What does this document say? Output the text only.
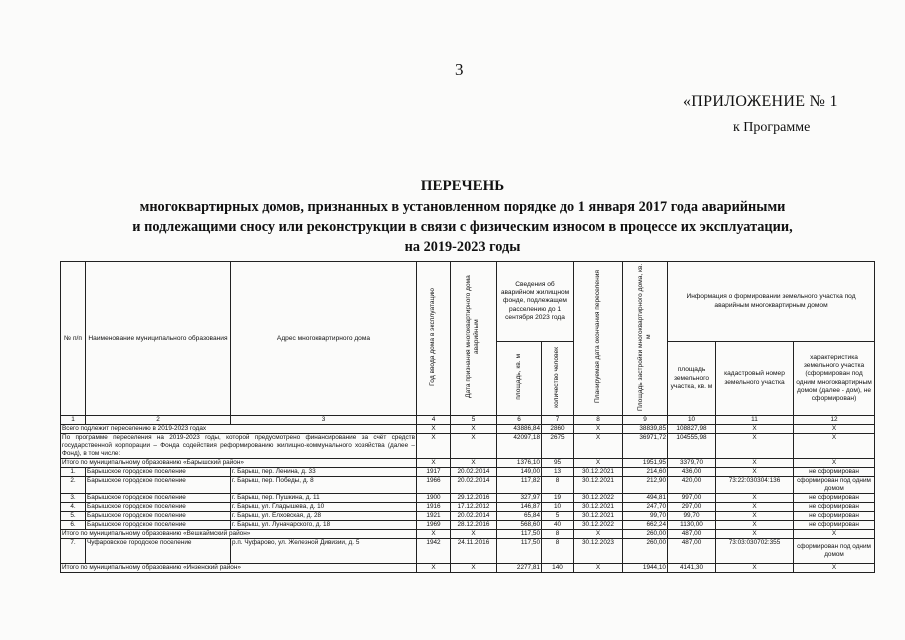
3
«ПРИЛОЖЕНИЕ № 1
к Программе
ПЕРЕЧЕНЬ
многоквартирных домов, признанных в установленном порядке до 1 января 2017 года аварийными
и подлежащими сносу или реконструкции в связи с физическим износом в процессе их эксплуатации,
на 2019-2023 годы
№ п/п	Наименование муниципального образования	Адрес многоквартирного дома	Год ввода дома в эксплуатацию	Дата признания многоквартирного дома аварийным	Сведения об аварийном жилищном фонде, подлежащем расселению до 1 сентября 2023 года		Планируемая дата окончания переселения	Площадь застройки многоквартирного дома, кв. м	Информация о формировании земельного участка под аварийным многоквартирным домом		
					площадь, кв. м	количество человек			площадь земельного участка, кв. м	кадастровый номер земельного участка	характеристика земельного участка (сформирован под одним многоквартирным домом (далее - дом), не сформирован)
1	2	3	4	5	6	7	8	9	10	11	12
Всего подлежит переселению в 2019-2023 годах			X	X	43886,84	2860	X	38839,85	108827,98	X	X
По программе переселения на 2019-2023 годы, которой предусмотрено финансирование за счёт средств государственной корпорации – Фонда содействия реформированию жилищно-коммунального хозяйства (далее – Фонд), в том числе:			X	X	42097,18	2675	X	36971,72	104555,98	X	X
Итого по муниципальному образованию «Барышский район»			X	X	1376,10	95	X	1951,95	3379,70	X	X
1.	Барышское городское поселение	г. Барыш, пер. Ленина, д. 33	1917	20.02.2014	149,00	13	30.12.2021	214,60	436,00	X	не сформирован
2.	Барышское городское поселение	г. Барыш, пер. Победы, д. 8	1966	20.02.2014	117,82	8	30.12.2021	212,90	420,00	73:22:030304:136	сформирован под одним домом
3.	Барышское городское поселение	г. Барыш, пер. Пушкина, д. 11	1900	29.12.2016	327,97	19	30.12.2022	494,81	997,00	X	не сформирован
4.	Барышское городское поселение	г. Барыш, ул. Гладышева, д. 10	1916	17.12.2012	146,87	10	30.12.2021	247,70	297,00	X	не сформирован
5.	Барышское городское поселение	г. Барыш, ул. Елховская, д. 28	1921	20.02.2014	65,84	5	30.12.2021	99,70	99,70	X	не сформирован
6.	Барышское городское поселение	г. Барыш, ул. Луначарского, д. 18	1969	28.12.2016	568,60	40	30.12.2022	662,24	1130,00	X	не сформирован
Итого по муниципальному образованию «Вешкаймский район»			X	X	117,50	8	X	260,00	487,00	X	X
7.	Чуфаровское городское поселение	р.п. Чуфарово, ул. Железной Дивизии, д. 5	1942	24.11.2016	117,50	8	30.12.2023	260,00	487,00	73:03:030702:355	сформирован под одним домом
Итого по муниципальному образованию «Инзенский район»			X	X	2277,81	140	X	1944,10	4141,30	X	X
